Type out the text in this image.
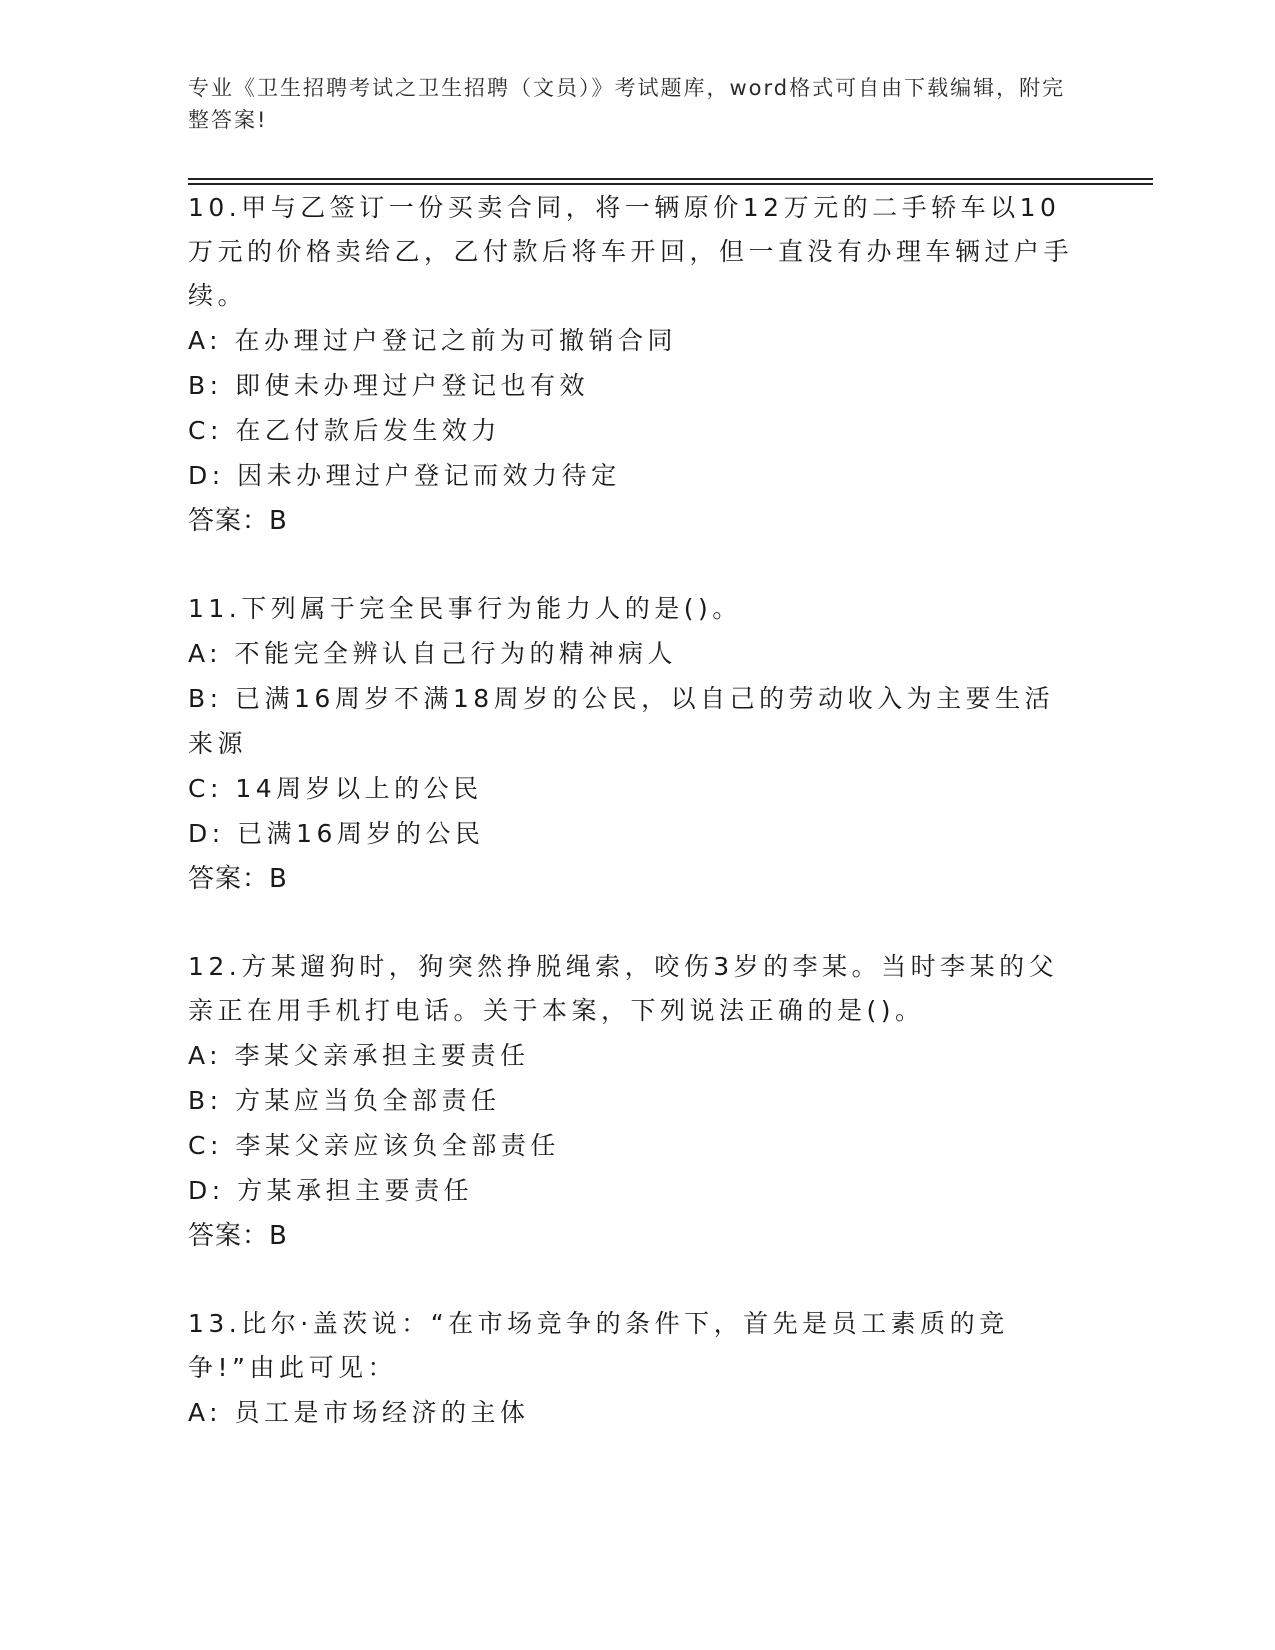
专业《卫生招聘考试之卫生招聘（文员）》考试题库，word格式可自由下载编辑，附完整答案!
10.甲与乙签订一份买卖合同，将一辆原价12万元的二手轿车以10万元的价格卖给乙，乙付款后将车开回，但一直没有办理车辆过户手续。
A: 在办理过户登记之前为可撤销合同
B: 即使未办理过户登记也有效
C: 在乙付款后发生效力
D: 因未办理过户登记而效力待定
答案：B
11.下列属于完全民事行为能力人的是()。
A: 不能完全辨认自己行为的精神病人
B: 已满16周岁不满18周岁的公民，以自己的劳动收入为主要生活来源
C: 14周岁以上的公民
D: 已满16周岁的公民
答案：B
12.方某遛狗时，狗突然挣脱绳索，咬伤3岁的李某。当时李某的父亲正在用手机打电话。关于本案，下列说法正确的是()。
A: 李某父亲承担主要责任
B: 方某应当负全部责任
C: 李某父亲应该负全部责任
D: 方某承担主要责任
答案：B
13.比尔·盖茨说：“在市场竞争的条件下，首先是员工素质的竞争!”由此可见：
A: 员工是市场经济的主体
